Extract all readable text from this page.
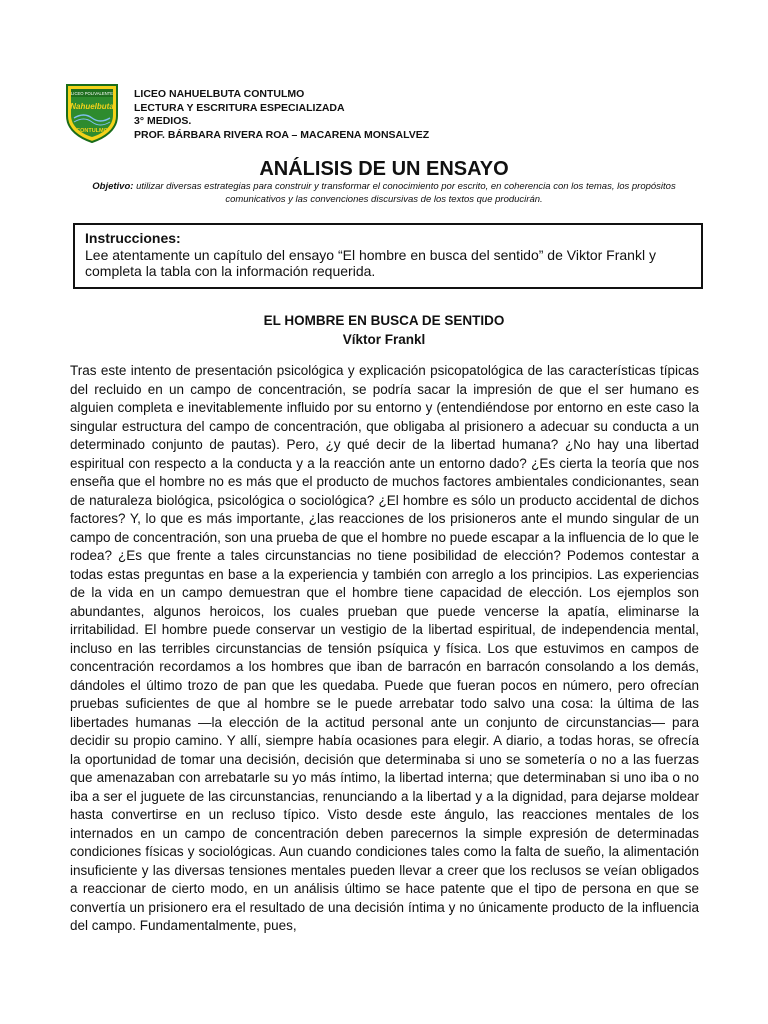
LICEO POLIVALENTE
Nahuelbuta
CONTULMO
LICEO NAHUELBUTA CONTULMO
LECTURA Y ESCRITURA ESPECIALIZADA
3° MEDIOS.
PROF. BÁRBARA RIVERA ROA – MACARENA MONSALVEZ
ANÁLISIS DE UN ENSAYO
Objetivo: utilizar diversas estrategias para construir y transformar el conocimiento por escrito, en coherencia con los temas, los propósitos comunicativos y las convenciones discursivas de los textos que producirán.
Instrucciones:
Lee atentamente un capítulo del ensayo “El hombre en busca del sentido” de Viktor Frankl y completa la tabla con la información requerida.
EL HOMBRE EN BUSCA DE SENTIDO
Víktor Frankl
Tras este intento de presentación psicológica y explicación psicopatológica de las características típicas del recluido en un campo de concentración, se podría sacar la impresión de que el ser humano es alguien completa e inevitablemente influido por su entorno y (entendiéndose por entorno en este caso la singular estructura del campo de concentración, que obligaba al prisionero a adecuar su conducta a un determinado conjunto de pautas). Pero, ¿y qué decir de la libertad humana? ¿No hay una libertad espiritual con respecto a la conducta y a la reacción ante un entorno dado? ¿Es cierta la teoría que nos enseña que el hombre no es más que el producto de muchos factores ambientales condicionantes, sean de naturaleza biológica, psicológica o sociológica? ¿El hombre es sólo un producto accidental de dichos factores? Y, lo que es más importante, ¿las reacciones de los prisioneros ante el mundo singular de un campo de concentración, son una prueba de que el hombre no puede escapar a la influencia de lo que le rodea? ¿Es que frente a tales circunstancias no tiene posibilidad de elección? Podemos contestar a todas estas preguntas en base a la experiencia y también con arreglo a los principios. Las experiencias de la vida en un campo demuestran que el hombre tiene capacidad de elección. Los ejemplos son abundantes, algunos heroicos, los cuales prueban que puede vencerse la apatía, eliminarse la irritabilidad. El hombre puede conservar un vestigio de la libertad espiritual, de independencia mental, incluso en las terribles circunstancias de tensión psíquica y física. Los que estuvimos en campos de concentración recordamos a los hombres que iban de barracón en barracón consolando a los demás, dándoles el último trozo de pan que les quedaba. Puede que fueran pocos en número, pero ofrecían pruebas suficientes de que al hombre se le puede arrebatar todo salvo una cosa: la última de las libertades humanas —la elección de la actitud personal ante un conjunto de circunstancias— para decidir su propio camino. Y allí, siempre había ocasiones para elegir. A diario, a todas horas, se ofrecía la oportunidad de tomar una decisión, decisión que determinaba si uno se sometería o no a las fuerzas que amenazaban con arrebatarle su yo más íntimo, la libertad interna; que determinaban si uno iba o no iba a ser el juguete de las circunstancias, renunciando a la libertad y a la dignidad, para dejarse moldear hasta convertirse en un recluso típico. Visto desde este ángulo, las reacciones mentales de los internados en un campo de concentración deben parecernos la simple expresión de determinadas condiciones físicas y sociológicas. Aun cuando condiciones tales como la falta de sueño, la alimentación insuficiente y las diversas tensiones mentales pueden llevar a creer que los reclusos se veían obligados a reaccionar de cierto modo, en un análisis último se hace patente que el tipo de persona en que se convertía un prisionero era el resultado de una decisión íntima y no únicamente producto de la influencia del campo. Fundamentalmente, pues,
